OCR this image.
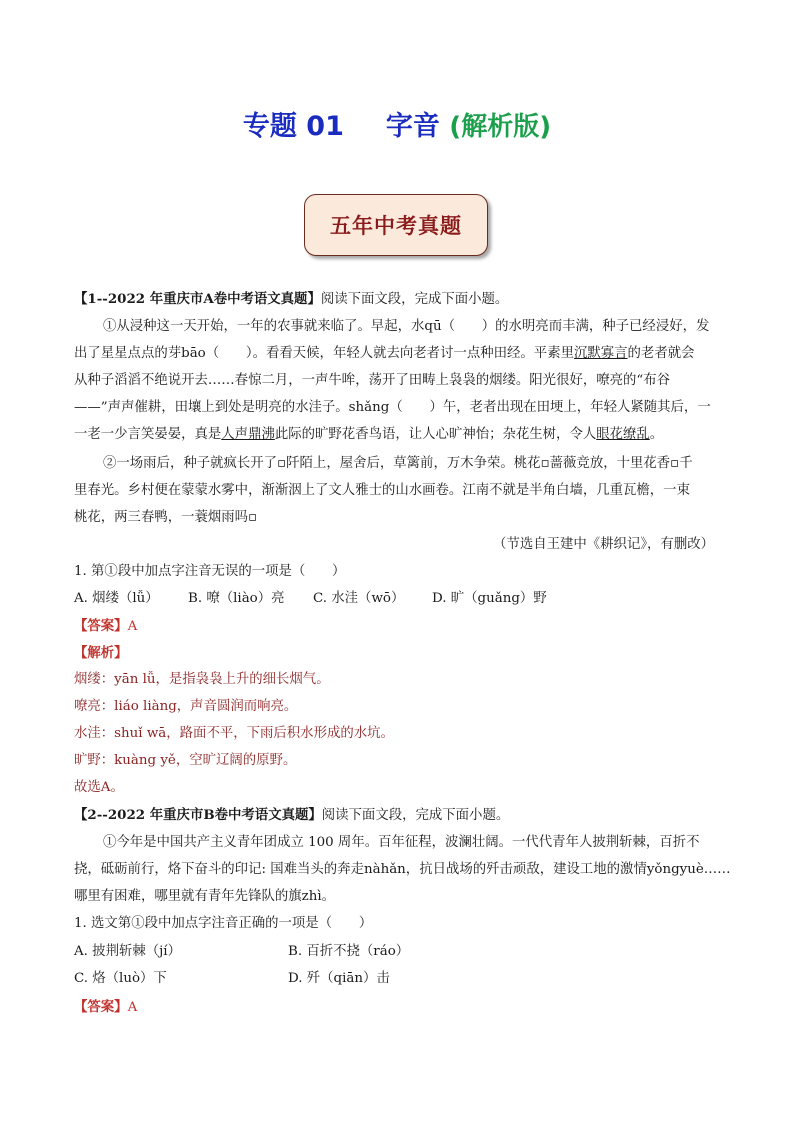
专题 01 字音 (解析版)
五年中考真题
【1--2022 年重庆市A卷中考语文真题】阅读下面文段，完成下面小题。
①从浸种这一天开始，一年的农事就来临了。早起，水qū（　　）的水明亮而丰满，种子已经浸好，发
出了星星点点的芽bāo（　　）。看看天候，年轻人就去向老者讨一点种田经。平素里沉默寡言的老者就会
从种子滔滔不绝说开去……春惊二月，一声牛哞，荡开了田畴上袅袅的烟缕。阳光很好，嘹亮的“布谷
——”声声催耕，田壤上到处是明亮的水洼子。shǎng（　　）午，老者出现在田埂上，年轻人紧随其后，一
一老一少言笑晏晏，真是人声鼎沸此际的旷野花香鸟语，让人心旷神怡；杂花生树，令人眼花缭乱。
②一场雨后，种子就疯长开了▫阡陌上，屋舍后，草篱前，万木争荣。桃花▫蔷薇竞放，十里花香▫千
里春光。乡村便在蒙蒙水雾中，渐渐洇上了文人雅士的山水画卷。江南不就是半角白墙，几重瓦檐，一束
桃花，两三春鸭，一蓑烟雨吗▫
（节选自王建中《耕织记》，有删改）
1. 第①段中加点字注音无误的一项是（　　）
A. 烟缕（lǚ） B. 嘹（liào）亮 C. 水洼（wō） D. 旷（guǎng）野
【答案】A
【解析】
烟缕：yān lǚ，是指袅袅上升的细长烟气。
嘹亮：liáo liàng，声音圆润而响亮。
水洼：shuǐ wā，路面不平，下雨后积水形成的水坑。
旷野：kuàng yě，空旷辽阔的原野。
故选A。
【2--2022 年重庆市B卷中考语文真题】阅读下面文段，完成下面小题。
①今年是中国共产主义青年团成立 100 周年。百年征程，波澜壮阔。一代代青年人披荆斩棘，百折不
挠，砥砺前行，烙下奋斗的印记: 国难当头的奔走nàhǎn，抗日战场的歼击顽敌，建设工地的激情yǒngyuè……
哪里有困难，哪里就有青年先锋队的旗zhì。
1. 选文第①段中加点字注音正确的一项是（　　）
A. 披荆斩棘（jí）	B. 百折不挠（ráo）
C. 烙（luò）下	D. 歼（qiān）击
【答案】A
